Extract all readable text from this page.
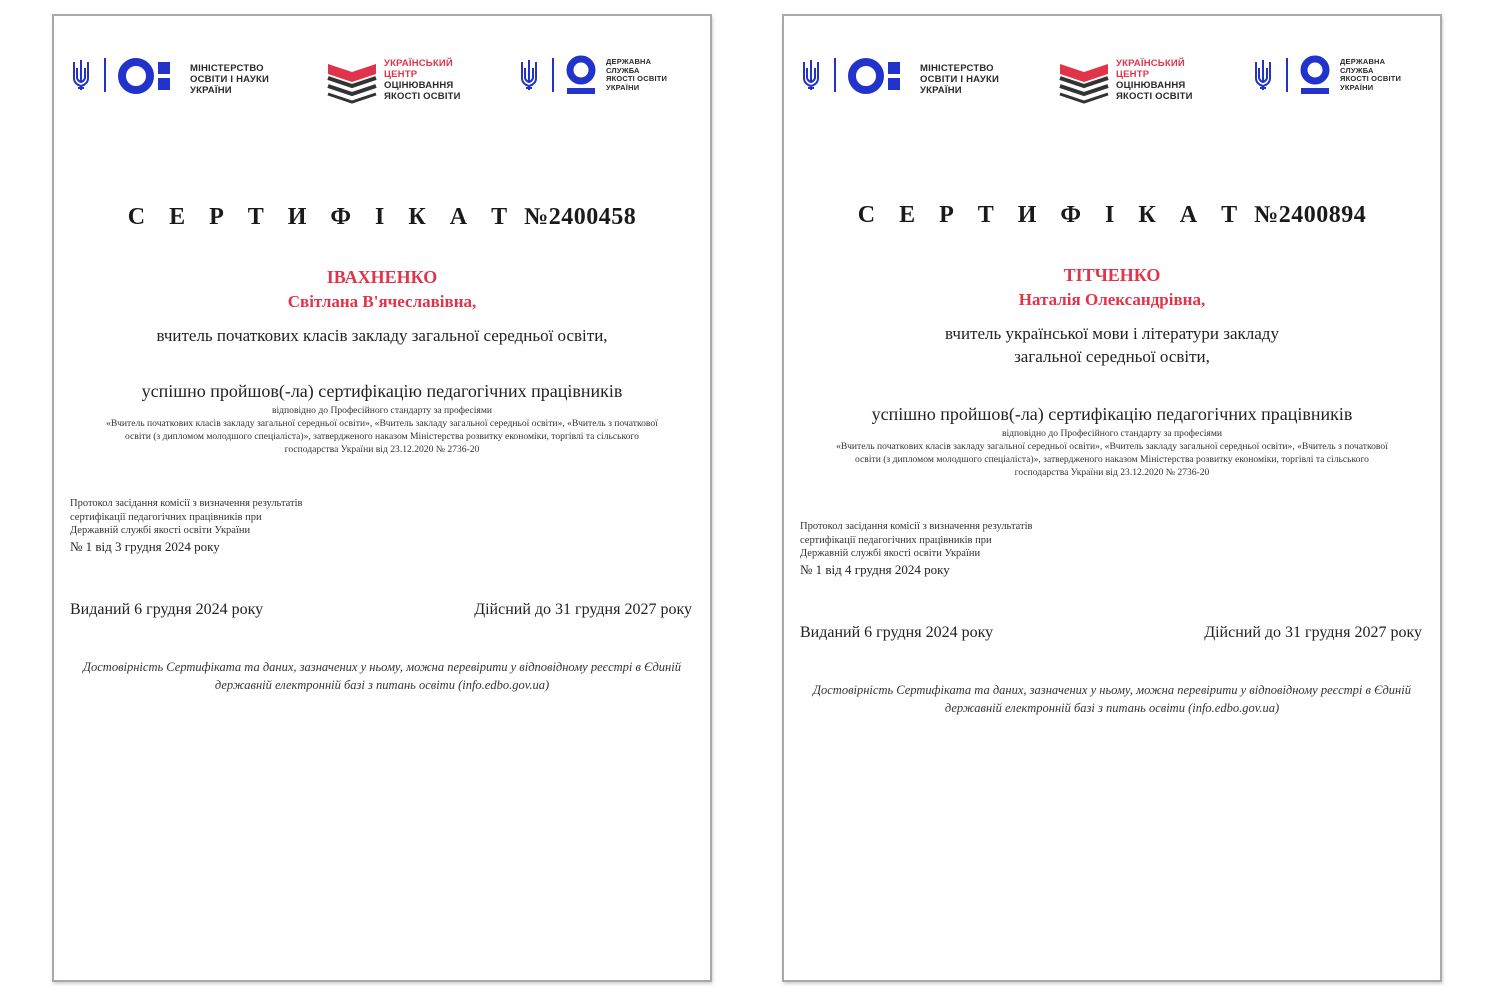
МІНІСТЕРСТВО
ОСВІТИ І НАУКИ
УКРАЇНИ
УКРАЇНСЬКИЙ
ЦЕНТР
ОЦІНЮВАННЯ
ЯКОСТІ ОСВІТИ
ДЕРЖАВНА
СЛУЖБА
ЯКОСТІ ОСВІТИ
УКРАЇНИ
С Е Р Т И Ф І К А Т №2400458
ІВАХНЕНКО
Світлана В'ячеславівна,
вчитель початкових класів закладу загальної середньої освіти,
успішно пройшов(-ла) сертифікацію педагогічних працівників
відповідно до Професійного стандарту за професіями
«Вчитель початкових класів закладу загальної середньої освіти», «Вчитель закладу загальної середньої освіти», «Вчитель з початкової освіти (з дипломом молодшого спеціаліста)», затвердженого наказом Міністерства розвитку економіки, торгівлі та сільського господарства України від 23.12.2020 № 2736-20
Протокол засідання комісії з визначення результатів
сертифікації педагогічних працівників при
Державній службі якості освіти України
№ 1 від 3 грудня 2024 року
Виданий 6 грудня 2024 року	Дійсний до 31 грудня 2027 року
Достовірність Сертифіката та даних, зазначених у ньому, можна перевірити у відповідному реєстрі в Єдиній державній електронній базі з питань освіти (info.edbo.gov.ua)
МІНІСТЕРСТВО
ОСВІТИ І НАУКИ
УКРАЇНИ
УКРАЇНСЬКИЙ
ЦЕНТР
ОЦІНЮВАННЯ
ЯКОСТІ ОСВІТИ
ДЕРЖАВНА
СЛУЖБА
ЯКОСТІ ОСВІТИ
УКРАЇНИ
С Е Р Т И Ф І К А Т №2400894
ТІТЧЕНКО
Наталія Олександрівна,
вчитель української мови і літератури закладу загальної середньої освіти,
успішно пройшов(-ла) сертифікацію педагогічних працівників
відповідно до Професійного стандарту за професіями
«Вчитель початкових класів закладу загальної середньої освіти», «Вчитель закладу загальної середньої освіти», «Вчитель з початкової освіти (з дипломом молодшого спеціаліста)», затвердженого наказом Міністерства розвитку економіки, торгівлі та сільського господарства України від 23.12.2020 № 2736-20
Протокол засідання комісії з визначення результатів
сертифікації педагогічних працівників при
Державній службі якості освіти України
№ 1 від 4 грудня 2024 року
Виданий 6 грудня 2024 року	Дійсний до 31 грудня 2027 року
Достовірність Сертифіката та даних, зазначених у ньому, можна перевірити у відповідному реєстрі в Єдиній державній електронній базі з питань освіти (info.edbo.gov.ua)
